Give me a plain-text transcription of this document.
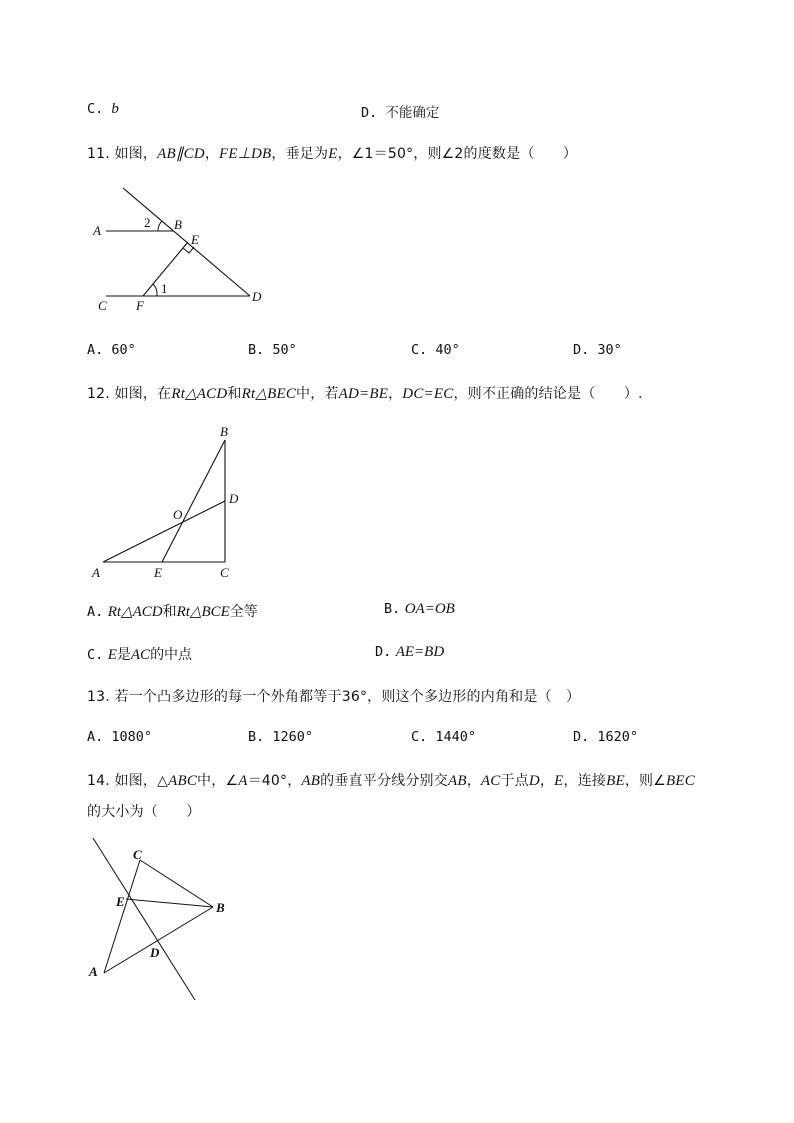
C. b	D. 不能确定
11. 如图，AB∥CD，FE⊥DB，垂足为E，∠1＝50°，则∠2的度数是（　　）
A	B
C
D
E
F
1
2
A. 60°	B. 50°	C. 40°	D. 30°
12. 如图，在Rt△ACD和Rt△BEC中，若AD=BE，DC=EC，则不正确的结论是（　　）.
B
D
O
A	E	C
A. Rt△ACD和Rt△BCE全等	B. OA=OB
C. E是AC的中点	D. AE=BD
13. 若一个凸多边形的每一个外角都等于36°，则这个多边形的内角和是（　）
A. 1080°	B. 1260°	C. 1440°	D. 1620°
14. 如图，△ABC中，∠A＝40°，AB的垂直平分线分别交AB，AC于点D，E，连接BE，则∠BEC
的大小为（　　）
C
E	B
D
A
